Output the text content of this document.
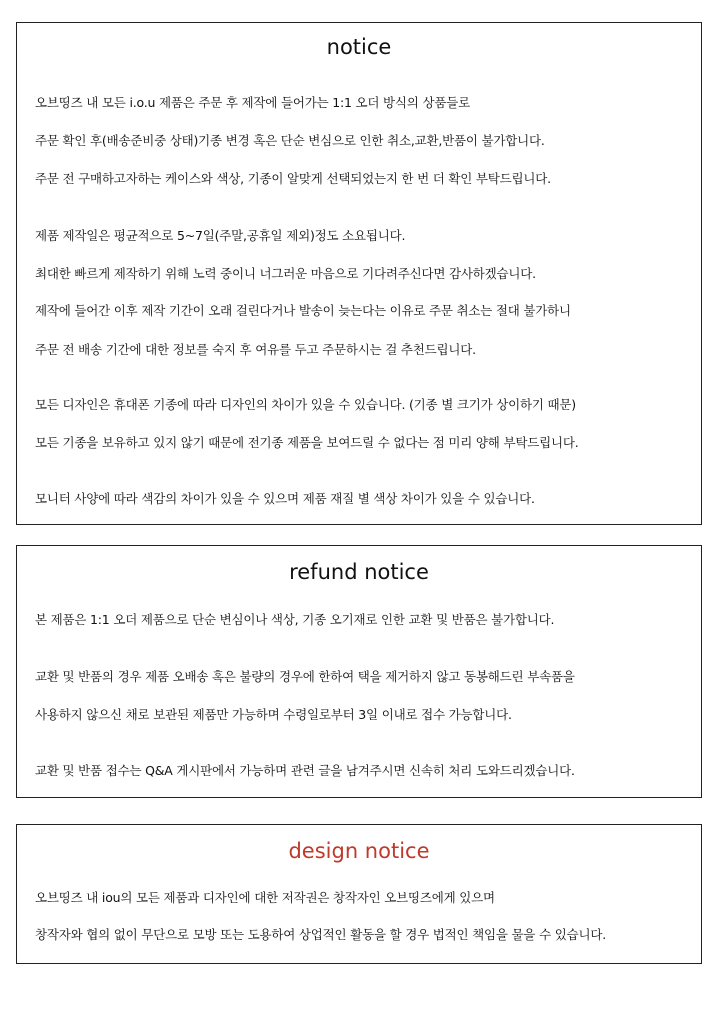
notice
오브띵즈 내 모든 i.o.u 제품은 주문 후 제작에 들어가는 1:1 오더 방식의 상품들로
주문 확인 후(배송준비중 상태)기종 변경 혹은 단순 변심으로 인한 취소,교환,반품이 불가합니다.
주문 전 구매하고자하는 케이스와 색상, 기종이 알맞게 선택되었는지 한 번 더 확인 부탁드립니다.
제품 제작일은 평균적으로 5~7일(주말,공휴일 제외)정도 소요됩니다.
최대한 빠르게 제작하기 위해 노력 중이니 너그러운 마음으로 기다려주신다면 감사하겠습니다.
제작에 들어간 이후 제작 기간이 오래 걸린다거나 발송이 늦는다는 이유로 주문 취소는 절대 불가하니
주문 전 배송 기간에 대한 정보를 숙지 후 여유를 두고 주문하시는 걸 추천드립니다.
모든 디자인은 휴대폰 기종에 따라 디자인의 차이가 있을 수 있습니다. (기종 별 크기가 상이하기 때문)
모든 기종을 보유하고 있지 않기 때문에 전기종 제품을 보여드릴 수 없다는 점 미리 양해 부탁드립니다.
모니터 사양에 따라 색감의 차이가 있을 수 있으며 제품 재질 별 색상 차이가 있을 수 있습니다.
refund notice
본 제품은 1:1 오더 제품으로 단순 변심이나 색상, 기종 오기재로 인한 교환 및 반품은 불가합니다.
교환 및 반품의 경우 제품 오배송 혹은 불량의 경우에 한하여 택을 제거하지 않고 동봉해드린 부속품을
사용하지 않으신 채로 보관된 제품만 가능하며 수령일로부터 3일 이내로 접수 가능합니다.
교환 및 반품 접수는 Q&A 게시판에서 가능하며 관련 글을 남겨주시면 신속히 처리 도와드리겠습니다.
design notice
오브띵즈 내 iou의 모든 제품과 디자인에 대한 저작권은 창작자인 오브띵즈에게 있으며
창작자와 협의 없이 무단으로 모방 또는 도용하여 상업적인 활동을 할 경우 법적인 책임을 물을 수 있습니다.
